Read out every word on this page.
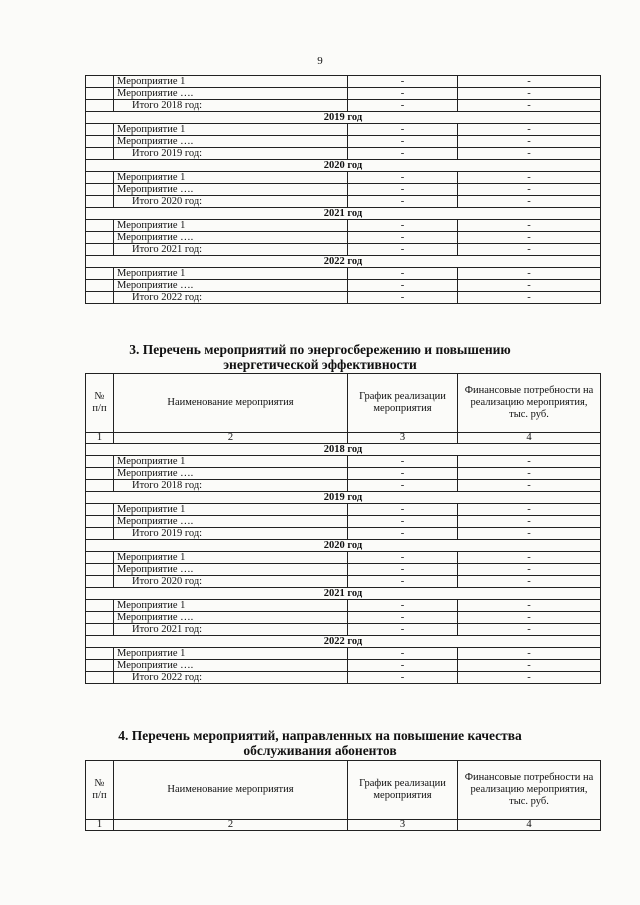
9
	Мероприятие 1	-	-
	Мероприятие ….	-	-
	Итого 2018 год:	-	-
2019 год			
	Мероприятие 1	-	-
	Мероприятие ….	-	-
	Итого 2019 год:	-	-
2020 год			
	Мероприятие 1	-	-
	Мероприятие ….	-	-
	Итого 2020 год:	-	-
2021 год			
	Мероприятие 1	-	-
	Мероприятие ….	-	-
	Итого 2021 год:	-	-
2022 год			
	Мероприятие 1	-	-
	Мероприятие ….	-	-
	Итого 2022 год:	-	-
3. Перечень мероприятий по энергосбережению и повышению
энергетической эффективности
№ п/п	Наименование мероприятия	График реализации мероприятия	Финансовые потребности на реализацию мероприятия, тыс. руб.
1	2	3	4
2018 год			
	Мероприятие 1	-	-
	Мероприятие ….	-	-
	Итого 2018 год:	-	-
2019 год			
	Мероприятие 1	-	-
	Мероприятие ….	-	-
	Итого 2019 год:	-	-
2020 год			
	Мероприятие 1	-	-
	Мероприятие ….	-	-
	Итого 2020 год:	-	-
2021 год			
	Мероприятие 1	-	-
	Мероприятие ….	-	-
	Итого 2021 год:	-	-
2022 год			
	Мероприятие 1	-	-
	Мероприятие ….	-	-
	Итого 2022 год:	-	-
4. Перечень мероприятий, направленных на повышение качества
обслуживания абонентов
№ п/п	Наименование мероприятия	График реализации мероприятия	Финансовые потребности на реализацию мероприятия, тыс. руб.
1	2	3	4
